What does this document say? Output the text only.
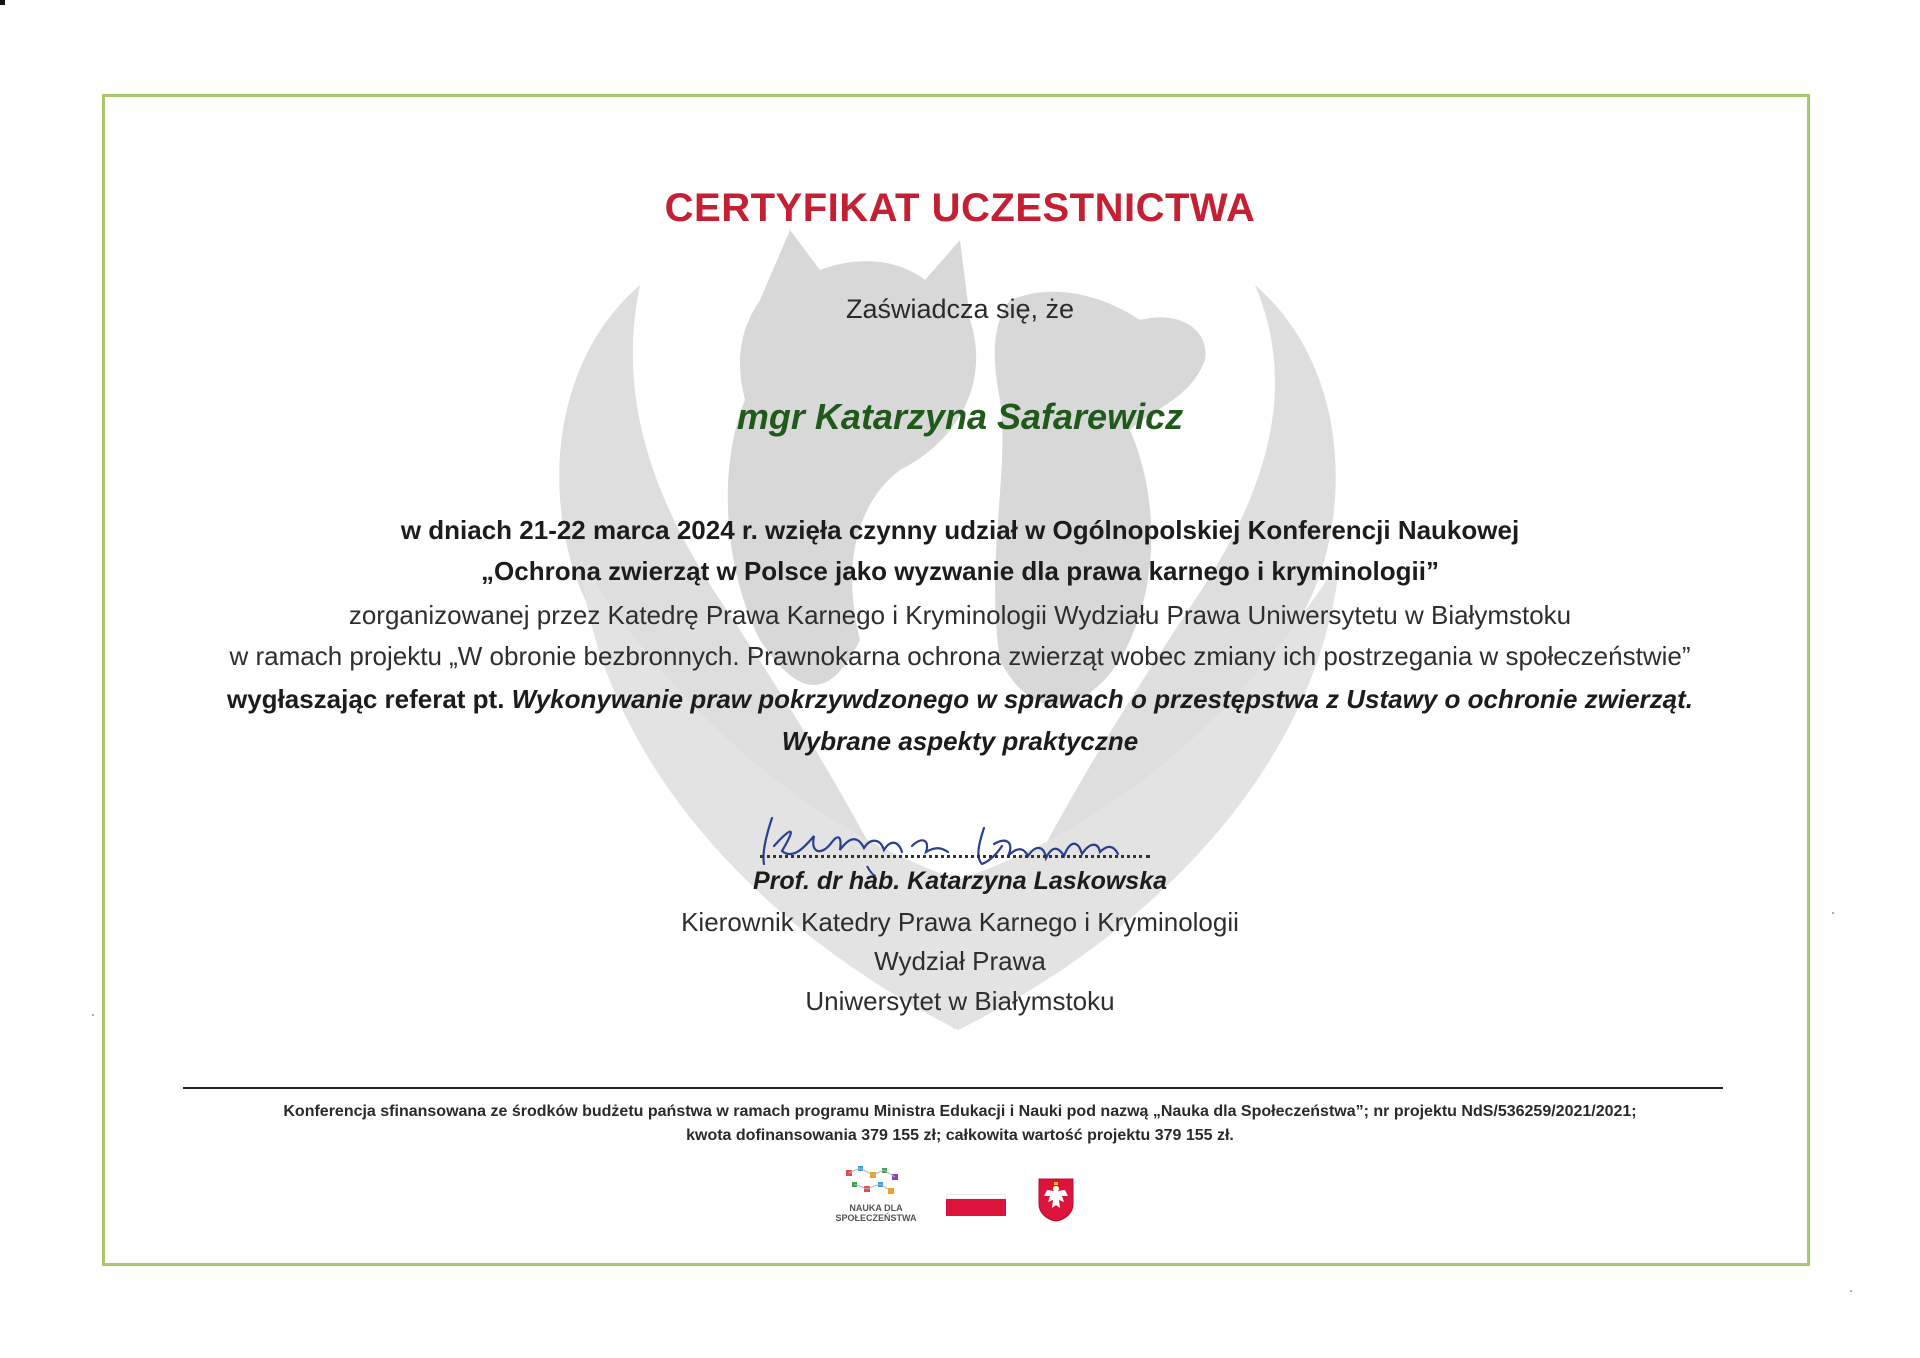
CERTYFIKAT UCZESTNICTWA
Zaświadcza się, że
mgr Katarzyna Safarewicz
w dniach 21-22 marca 2024 r. wzięła czynny udział w Ogólnopolskiej Konferencji Naukowej
„Ochrona zwierząt w Polsce jako wyzwanie dla prawa karnego i kryminologii”
zorganizowanej przez Katedrę Prawa Karnego i Kryminologii Wydziału Prawa Uniwersytetu w Białymstoku
w ramach projektu „W obronie bezbronnych. Prawnokarna ochrona zwierząt wobec zmiany ich postrzegania w społeczeństwie”
wygłaszając referat pt. Wykonywanie praw pokrzywdzonego w sprawach o przestępstwa z Ustawy o ochronie zwierząt.
Wybrane aspekty praktyczne
Prof. dr hab. Katarzyna Laskowska
Kierownik Katedry Prawa Karnego i Kryminologii
Wydział Prawa
Uniwersytet w Białymstoku
Konferencja sfinansowana ze środków budżetu państwa w ramach programu Ministra Edukacji i Nauki pod nazwą „Nauka dla Społeczeństwa”; nr projektu NdS/536259/2021/2021;
kwota dofinansowania 379 155 zł; całkowita wartość projektu 379 155 zł.
NAUKA DLA
SPOŁECZEŃSTWA
